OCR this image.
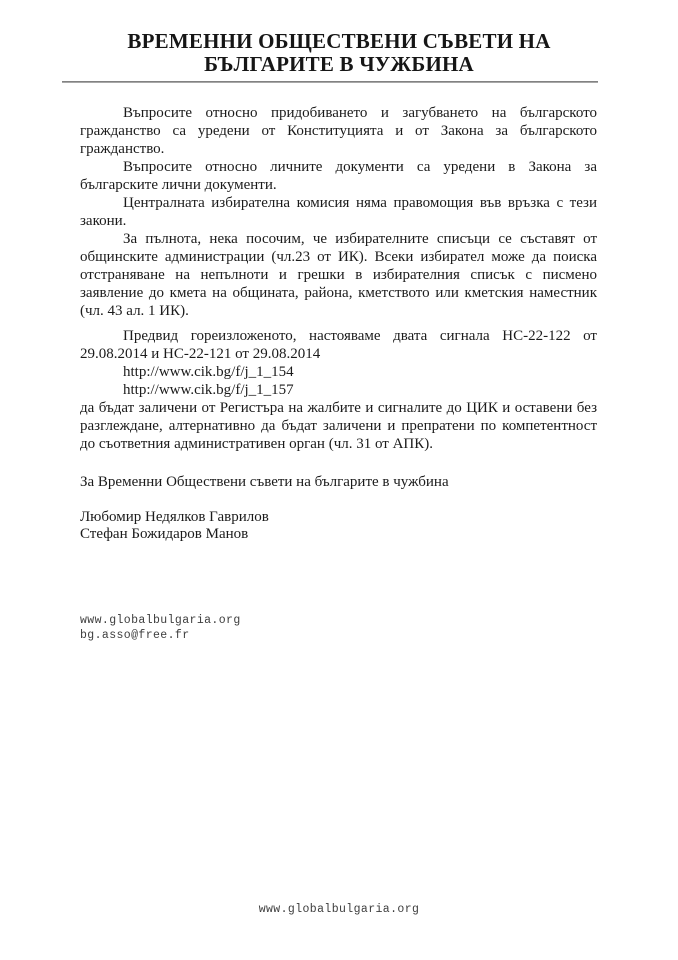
ВРЕМЕННИ ОБЩЕСТВЕНИ СЪВЕТИ НА
БЪЛГАРИТЕ В ЧУЖБИНА

Въпросите относно придобиването и загубването на българското гражданство са уредени от Конституцията и от Закона за българското гражданство.

Въпросите относно личните документи са уредени в Закона за българските лични документи.

Централната избирателна комисия няма правомощия във връзка с тези закони.

За пълнота, нека посочим, че избирателните списъци се съставят от общинските администрации (чл.23 от ИК). Всеки избирател може да поиска отстраняване на непълноти и грешки в избирателния списък с писмено заявление до кмета на общината, района, кметството или кметския наместник (чл. 43 ал. 1 ИК).

Предвид гореизложеното, настояваме двата сигнала НС-22-122 от 29.08.2014 и НС-22-121 от 29.08.2014

http://www.cik.bg/f/j_1_154
http://www.cik.bg/f/j_1_157

да бъдат заличени от Регистъра на жалбите и сигналите до ЦИК и оставени без разглеждане, алтернативно да бъдат заличени и препратени по компетентност до съответния административен орган (чл. 31 от АПК).

За Временни Обществени съвети на българите в чужбина

Любомир Недялков Гаврилов
Стефан Божидаров Манов
www.globalbulgaria.org
bg.asso@free.fr
www.globalbulgaria.org
